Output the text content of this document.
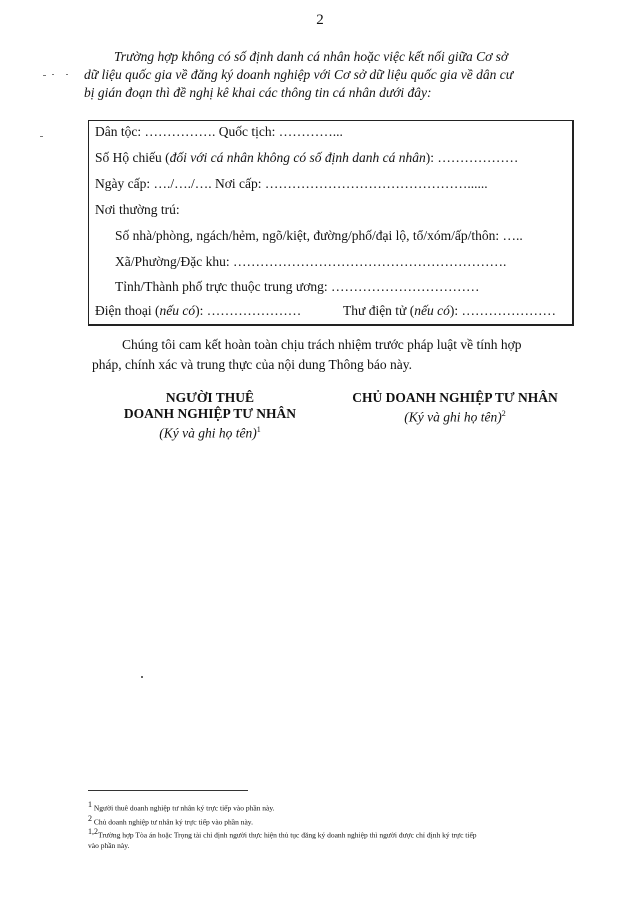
2

Trường hợp không có số định danh cá nhân hoặc việc kết nối giữa Cơ sở

dữ liệu quốc gia về đăng ký doanh nghiệp với Cơ sở dữ liệu quốc gia về dân cư

bị gián đoạn thì đề nghị kê khai các thông tin cá nhân dưới đây:

Dân tộc: ……………. Quốc tịch: …………...
Số Hộ chiếu (đối với cá nhân không có số định danh cá nhân): ………………
Ngày cấp: …./…./…. Nơi cấp: ………………………………………......
Nơi thường trú:
Số nhà/phòng, ngách/hẻm, ngõ/kiệt, đường/phố/đại lộ, tổ/xóm/ấp/thôn: …..
Xã/Phường/Đặc khu: …………………………………………………….
Tỉnh/Thành phố trực thuộc trung ương: ……………………………
Điện thoại (nếu có): …………………	Thư điện tử (nếu có): …………………

Chúng tôi cam kết hoàn toàn chịu trách nhiệm trước pháp luật về tính hợp

pháp, chính xác và trung thực của nội dung Thông báo này.

NGƯỜI THUÊ
DOANH NGHIỆP TƯ NHÂN
(Ký và ghi họ tên)$^1$
CHỦ DOANH NGHIỆP TƯ NHÂN
(Ký và ghi họ tên)$^2$

$^1$ Người thuê doanh nghiệp tư nhân ký trực tiếp vào phần này.

$^2$ Chủ doanh nghiệp tư nhân ký trực tiếp vào phần này.

$^{1,2}$Trường hợp Tòa án hoặc Trọng tài chỉ định người thực hiện thủ tục đăng ký doanh nghiệp thì người được chỉ định ký trực tiếp

vào phần này.
